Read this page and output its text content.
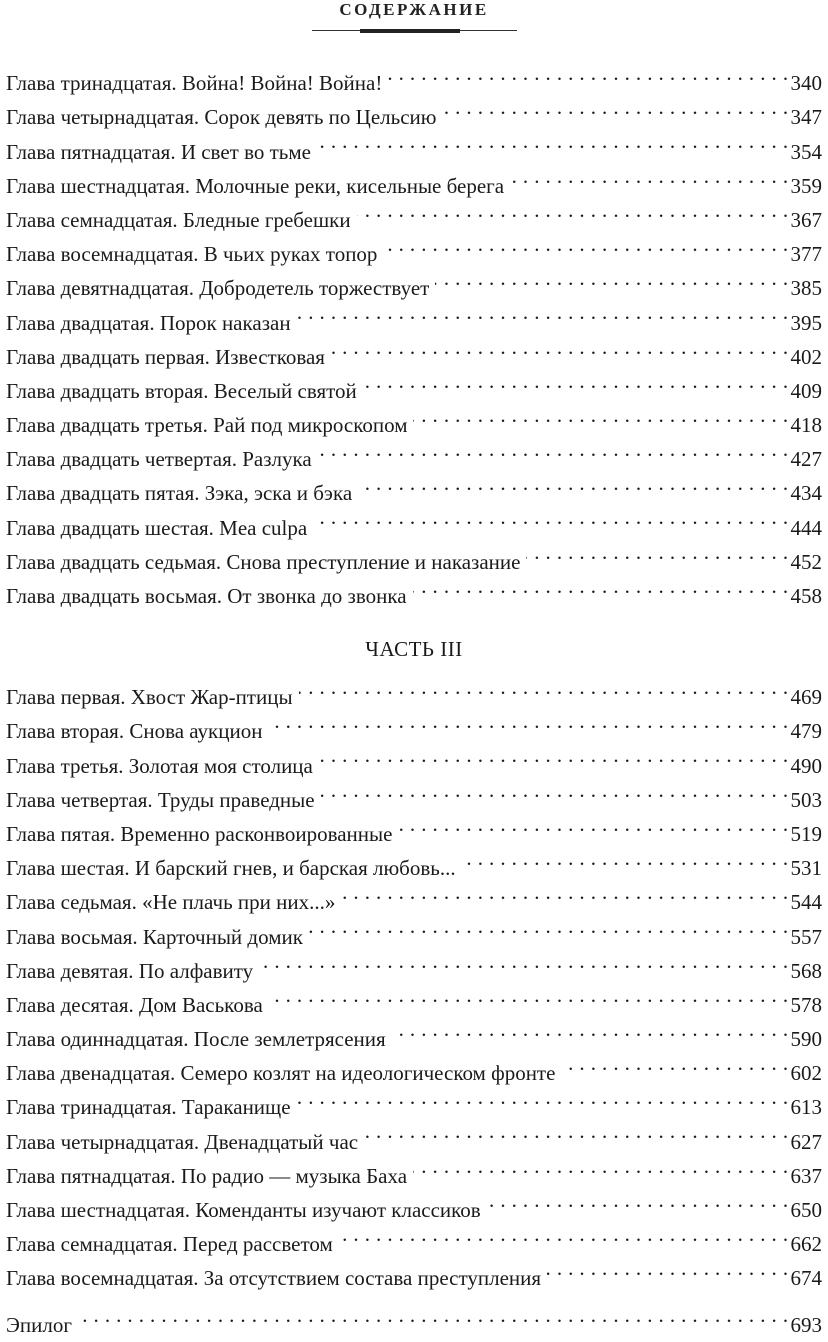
СОДЕРЖАНИЕ
Глава тринадцатая. Война! Война! Война! . . .	340
Глава четырнадцатая. Сорок девять по Цельсию . . .	347
Глава пятнадцатая. И свет во тьме . . .	354
Глава шестнадцатая. Молочные реки, кисельные берега . . .	359
Глава семнадцатая. Бледные гребешки . . .	367
Глава восемнадцатая. В чьих руках топор . . .	377
Глава девятнадцатая. Добродетель торжествует . . .	385
Глава двадцатая. Порок наказан . . .	395
Глава двадцать первая. Известковая . . .	402
Глава двадцать вторая. Веселый святой . . .	409
Глава двадцать третья. Рай под микроскопом . . .	418
Глава двадцать четвертая. Разлука . . .	427
Глава двадцать пятая. Зэка, эска и бэка . . .	434
Глава двадцать шестая. Mea culpa . . .	444
Глава двадцать седьмая. Снова преступление и наказание . . .	452
Глава двадцать восьмая. От звонка до звонка . . .	458
ЧАСТЬ III
Глава первая. Хвост Жар-птицы . . .	469
Глава вторая. Снова аукцион . . .	479
Глава третья. Золотая моя столица . . .	490
Глава четвертая. Труды праведные . . .	503
Глава пятая. Временно расконвоированные . . .	519
Глава шестая. И барский гнев, и барская любовь... . . .	531
Глава седьмая. «Не плачь при них...» . . .	544
Глава восьмая. Карточный домик . . .	557
Глава девятая. По алфавиту . . .	568
Глава десятая. Дом Васькова . . .	578
Глава одиннадцатая. После землетрясения . . .	590
Глава двенадцатая. Семеро козлят на идеологическом фронте . . .	602
Глава тринадцатая. Тараканище . . .	613
Глава четырнадцатая. Двенадцатый час . . .	627
Глава пятнадцатая. По радио — музыка Баха . . .	637
Глава шестнадцатая. Коменданты изучают классиков . . .	650
Глава семнадцатая. Перед рассветом . . .	662
Глава восемнадцатая. За отсутствием состава преступления . . .	674
Эпилог . . .	693
